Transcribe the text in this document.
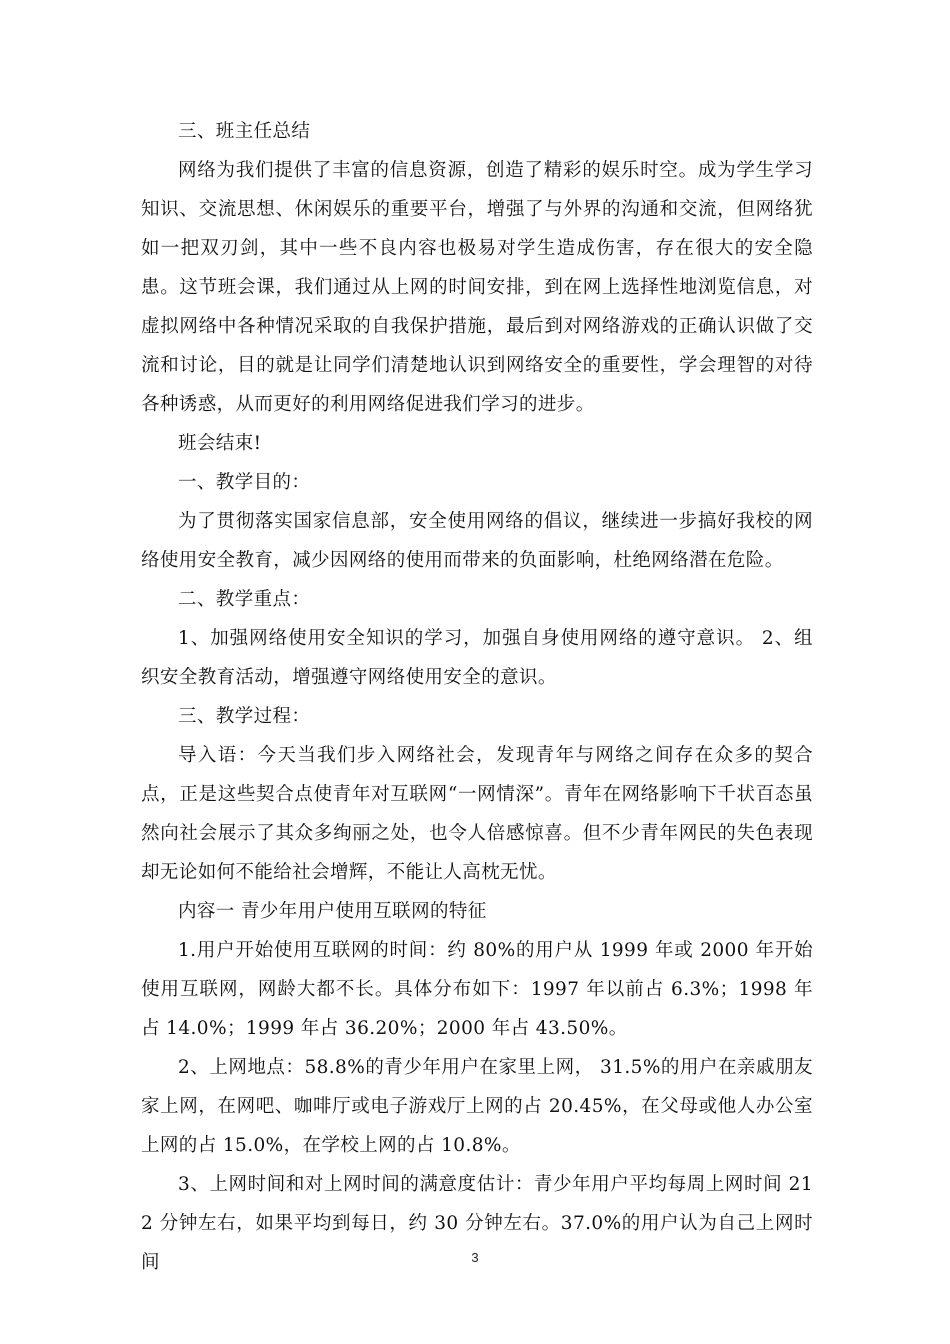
三、班主任总结

网络为我们提供了丰富的信息资源，创造了精彩的娱乐时空。成为学生学习知识、交流思想、休闲娱乐的重要平台，增强了与外界的沟通和交流，但网络犹如一把双刃剑，其中一些不良内容也极易对学生造成伤害，存在很大的安全隐患。这节班会课，我们通过从上网的时间安排，到在网上选择性地浏览信息，对虚拟网络中各种情况采取的自我保护措施，最后到对网络游戏的正确认识做了交流和讨论，目的就是让同学们清楚地认识到网络安全的重要性，学会理智的对待各种诱惑，从而更好的利用网络促进我们学习的进步。

班会结束!

一、教学目的：

为了贯彻落实国家信息部，安全使用网络的倡议，继续进一步搞好我校的网络使用安全教育，减少因网络的使用而带来的负面影响，杜绝网络潜在危险。

二、教学重点：

1、加强网络使用安全知识的学习，加强自身使用网络的遵守意识。 2、组织安全教育活动，增强遵守网络使用安全的意识。

三、教学过程：

导入语：今天当我们步入网络社会，发现青年与网络之间存在众多的契合点，正是这些契合点使青年对互联网“一网情深”。青年在网络影响下千状百态虽然向社会展示了其众多绚丽之处，也令人倍感惊喜。但不少青年网民的失色表现却无论如何不能给社会增辉，不能让人高枕无忧。

内容一 青少年用户使用互联网的特征

1.用户开始使用互联网的时间：约 80%的用户从 1999 年或 2000 年开始使用互联网，网龄大都不长。具体分布如下：1997 年以前占 6.3%；1998 年占 14.0%；1999 年占 36.20%；2000 年占 43.50%。

2、上网地点：58.8%的青少年用户在家里上网， 31.5%的用户在亲戚朋友家上网，在网吧、咖啡厅或电子游戏厅上网的占 20.45%，在父母或他人办公室上网的占 15.0%，在学校上网的占 10.8%。

3、上网时间和对上网时间的满意度估计：青少年用户平均每周上网时间 212 分钟左右，如果平均到每日，约 30 分钟左右。37.0%的用户认为自己上网时间	3
